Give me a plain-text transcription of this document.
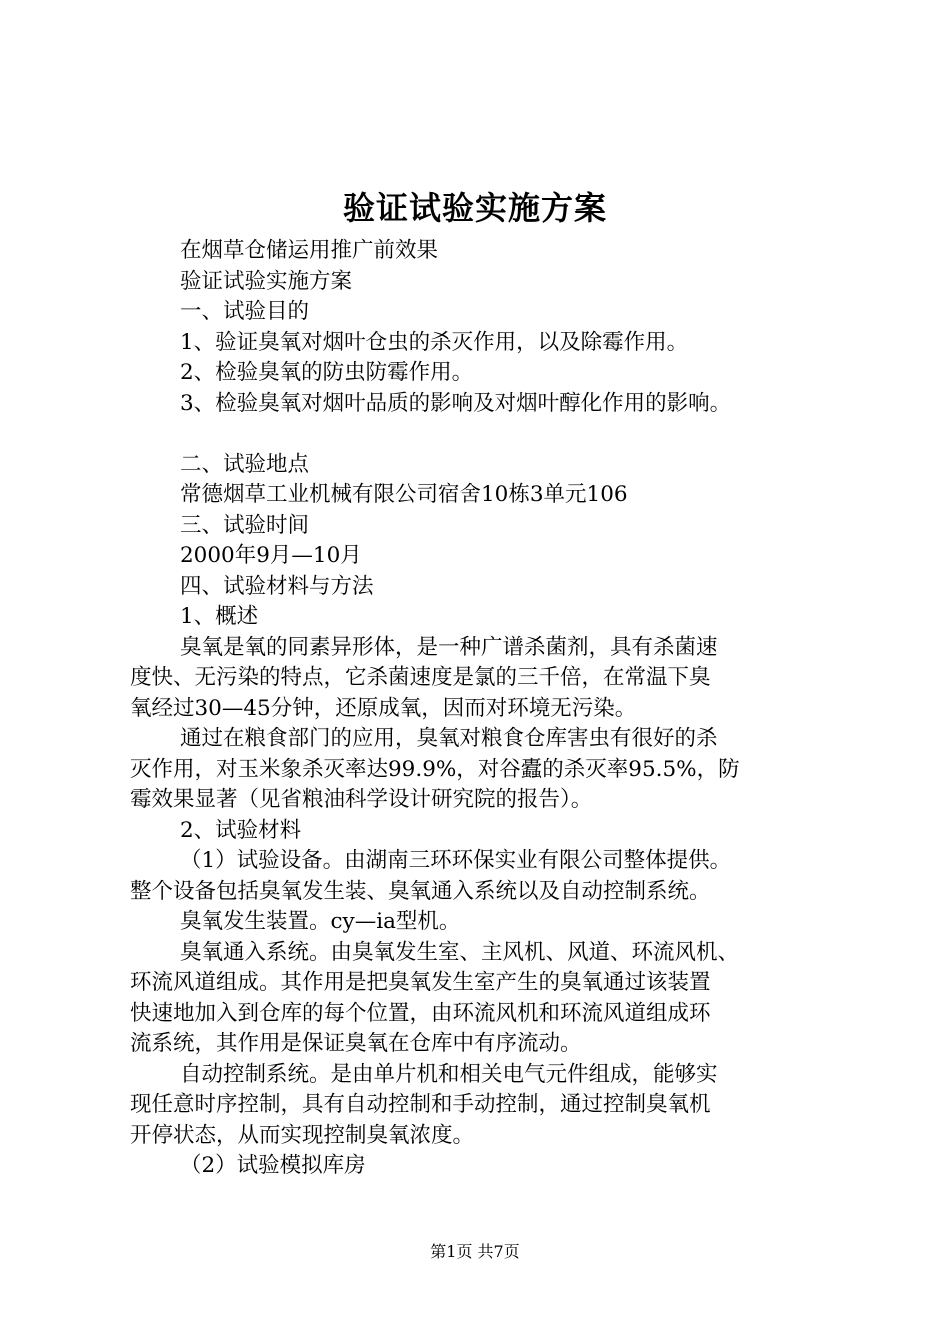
验证试验实施方案
在烟草仓储运用推广前效果
验证试验实施方案
一、试验目的
1、验证臭氧对烟叶仓虫的杀灭作用，以及除霉作用。
2、检验臭氧的防虫防霉作用。
3、检验臭氧对烟叶品质的影响及对烟叶醇化作用的影响。
二、试验地点
常德烟草工业机械有限公司宿舍10栋3单元106
三、试验时间
2000年9月—10月
四、试验材料与方法
1、概述
臭氧是氧的同素异形体，是一种广谱杀菌剂，具有杀菌速
度快、无污染的特点，它杀菌速度是氯的三千倍，在常温下臭
氧经过30—45分钟，还原成氧，因而对环境无污染。
通过在粮食部门的应用，臭氧对粮食仓库害虫有很好的杀
灭作用，对玉米象杀灭率达99.9%，对谷蠹的杀灭率95.5%，防
霉效果显著（见省粮油科学设计研究院的报告）。
2、试验材料
（1）试验设备。由湖南三环环保实业有限公司整体提供。
整个设备包括臭氧发生装、臭氧通入系统以及自动控制系统。
臭氧发生装置。cy—ia型机。
臭氧通入系统。由臭氧发生室、主风机、风道、环流风机、
环流风道组成。其作用是把臭氧发生室产生的臭氧通过该装置
快速地加入到仓库的每个位置，由环流风机和环流风道组成环
流系统，其作用是保证臭氧在仓库中有序流动。
自动控制系统。是由单片机和相关电气元件组成，能够实
现任意时序控制，具有自动控制和手动控制，通过控制臭氧机
开停状态，从而实现控制臭氧浓度。
（2）试验模拟库房
第1页 共7页
